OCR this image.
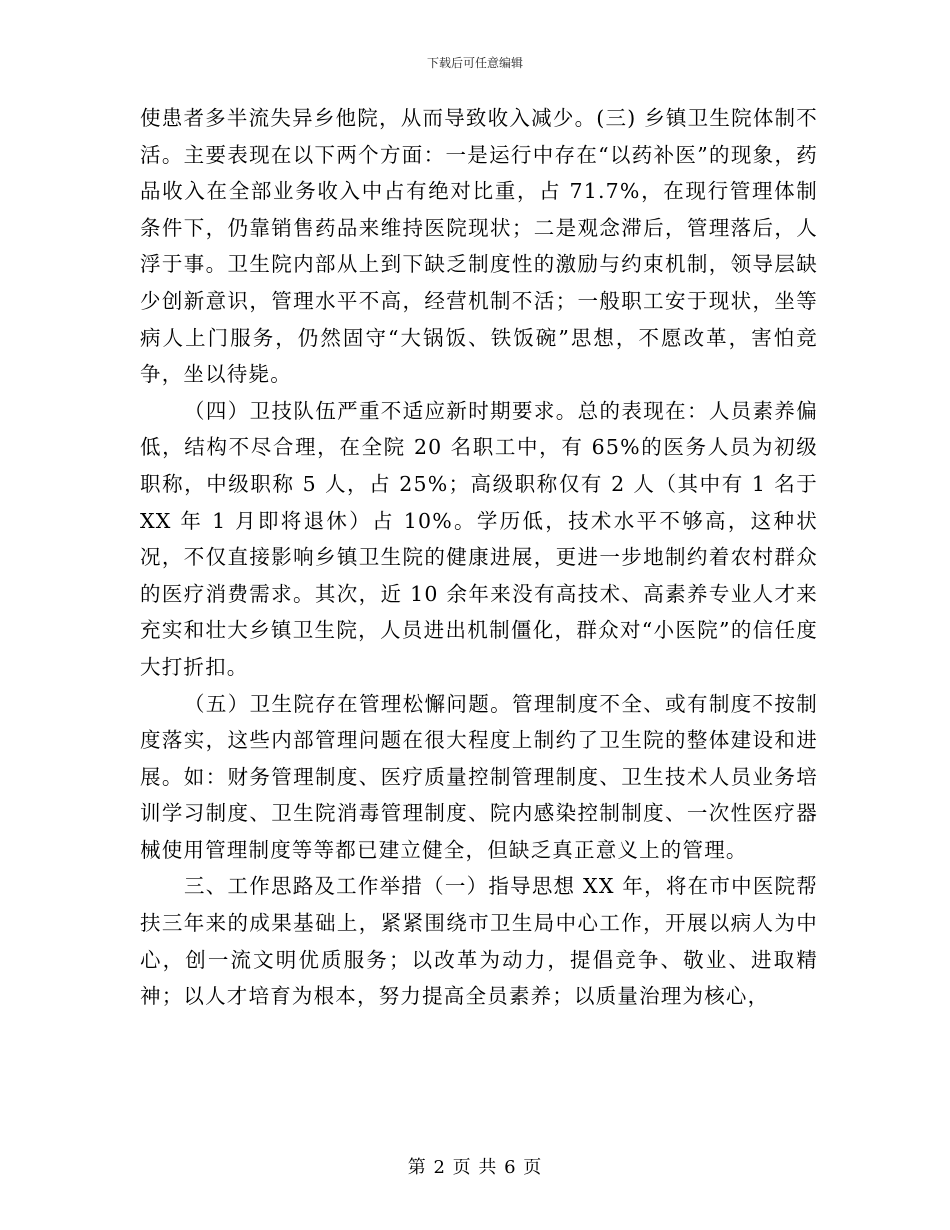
下载后可任意编辑

使患者多半流失异乡他院，从而导致收入减少。(三) 乡镇卫生院体制不活。主要表现在以下两个方面：一是运行中存在“以药补医”的现象，药品收入在全部业务收入中占有绝对比重，占 71.7%，在现行管理体制条件下，仍靠销售药品来维持医院现状；二是观念滞后，管理落后，人浮于事。卫生院内部从上到下缺乏制度性的激励与约束机制，领导层缺少创新意识，管理水平不高，经营机制不活；一般职工安于现状，坐等病人上门服务，仍然固守“大锅饭、铁饭碗”思想，不愿改革，害怕竞争，坐以待毙。

（四）卫技队伍严重不适应新时期要求。总的表现在：人员素养偏低，结构不尽合理，在全院 20 名职工中，有 65%的医务人员为初级职称，中级职称 5 人，占 25%；高级职称仅有 2 人（其中有 1 名于 XX 年 1 月即将退休）占 10%。学历低，技术水平不够高，这种状况，不仅直接影响乡镇卫生院的健康进展，更进一步地制约着农村群众的医疗消费需求。其次，近 10 余年来没有高技术、高素养专业人才来充实和壮大乡镇卫生院，人员进出机制僵化，群众对“小医院”的信任度大打折扣。

（五）卫生院存在管理松懈问题。管理制度不全、或有制度不按制度落实，这些内部管理问题在很大程度上制约了卫生院的整体建设和进展。如：财务管理制度、医疗质量控制管理制度、卫生技术人员业务培训学习制度、卫生院消毒管理制度、院内感染控制制度、一次性医疗器械使用管理制度等等都已建立健全，但缺乏真正意义上的管理。

三、工作思路及工作举措（一）指导思想 XX 年，将在市中医院帮扶三年来的成果基础上，紧紧围绕市卫生局中心工作，开展以病人为中心，创一流文明优质服务；以改革为动力，提倡竞争、敬业、进取精神；以人才培育为根本，努力提高全员素养；以质量治理为核心，

第 2 页 共 6 页
